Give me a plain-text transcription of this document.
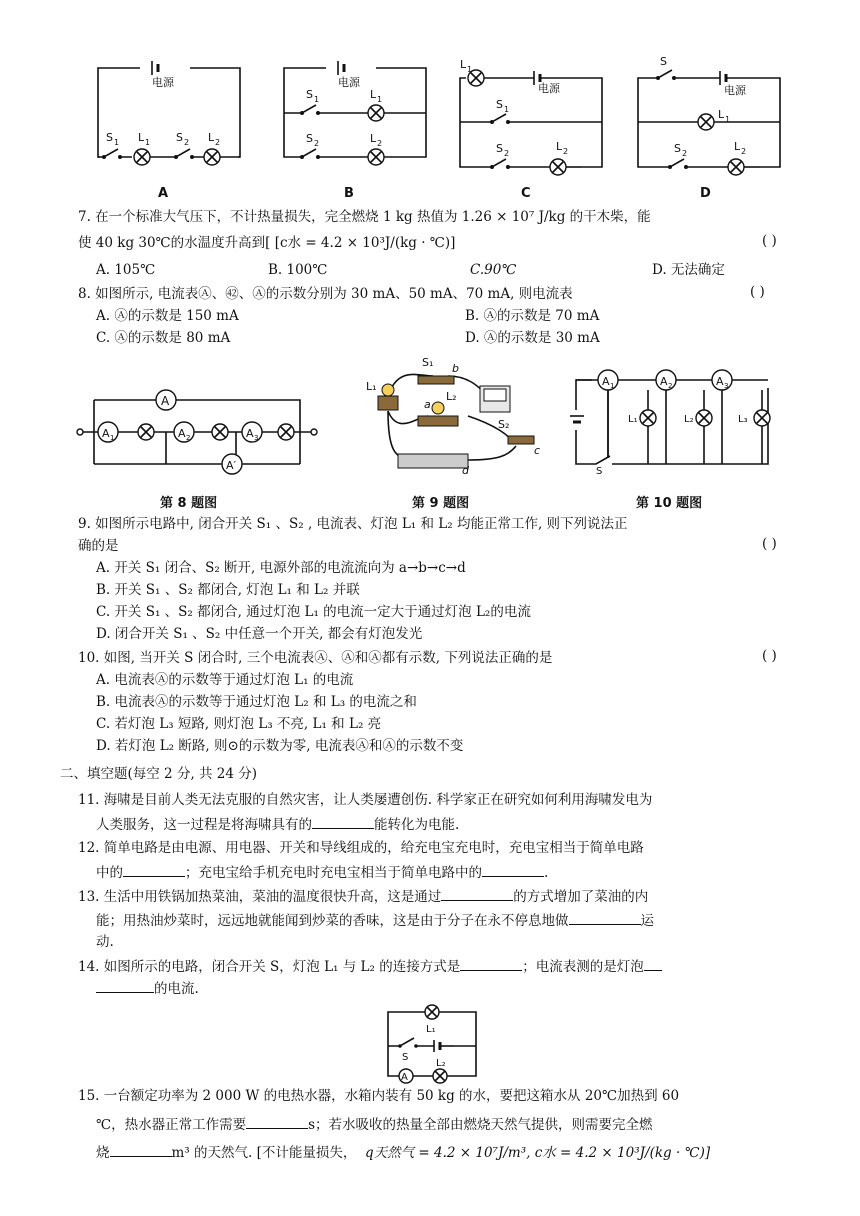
电源
S 1 L 1 S 2 L 2
A
电源
S 1	L 1
S 2	L 2
B
L 1
电源
S 1
S 2
L 2
C
S
电源
L 1
S 2
L 2
D
7. 在一个标准大气压下，不计热量损失，完全燃烧 1 kg 热值为 1.26 × 10⁷ J/kg 的干木柴，能
使 40 kg 30℃的水温度升高到[ [c水 = 4.2 × 10³J/(kg · ℃)]	( )
A. 105℃	B. 100℃	C.90℃	D. 无法确定
8. 如图所示, 电流表Ⓐ、㊷、Ⓐ的示数分别为 30 mA、50 mA、70 mA, 则电流表	( )
A. Ⓐ的示数是 150 mA	B. Ⓐ的示数是 70 mA
C. Ⓐ的示数是 80 mA	D. Ⓐ的示数是 30 mA
A
A 1	A 2	A 3
A′
S₁ b
L₁
a
L₂
S₂
c
d
A 1	A 2	A 3
L₁	L₂	L₃
S
第 8 题图	第 9 题图	第 10 题图
9. 如图所示电路中, 闭合开关 S₁ 、S₂ , 电流表、灯泡 L₁ 和 L₂ 均能正常工作, 则下列说法正
确的是	( )
A. 开关 S₁ 闭合、S₂ 断开, 电源外部的电流流向为 a→b→c→d
B. 开关 S₁ 、S₂ 都闭合, 灯泡 L₁ 和 L₂ 并联
C. 开关 S₁ 、S₂ 都闭合, 通过灯泡 L₁ 的电流一定大于通过灯泡 L₂的电流
D. 闭合开关 S₁ 、S₂ 中任意一个开关, 都会有灯泡发光
10. 如图, 当开关 S 闭合时, 三个电流表Ⓐ、Ⓐ和Ⓐ都有示数, 下列说法正确的是	( )
A. 电流表Ⓐ的示数等于通过灯泡 L₁ 的电流
B. 电流表Ⓐ的示数等于通过灯泡 L₂ 和 L₃ 的电流之和
C. 若灯泡 L₃ 短路, 则灯泡 L₃ 不亮, L₁ 和 L₂ 亮
D. 若灯泡 L₂ 断路, 则⊙的示数为零, 电流表Ⓐ和Ⓐ的示数不变
二、填空题(每空 2 分, 共 24 分)
11. 海啸是目前人类无法克服的自然灾害，让人类屡遭创伤. 科学家正在研究如何利用海啸发电为
人类服务，这一过程是将海啸具有的	能转化为电能.
12. 简单电路是由电源、用电器、开关和导线组成的，给充电宝充电时，充电宝相当于简单电路
中的	；充电宝给手机充电时充电宝相当于简单电路中的	.
13. 生活中用铁锅加热菜油，菜油的温度很快升高，这是通过	的方式增加了菜油的内
能；用热油炒菜时，远远地就能闻到炒菜的香味，这是由于分子在永不停息地做	运
动.
14. 如图所示的电路，闭合开关 S，灯泡 L₁ 与 L₂ 的连接方式是	；电流表测的是灯泡
的电流.
L₁
S
A
L₂
15. 一台额定功率为 2 000 W 的电热水器，水箱内装有 50 kg 的水，要把这箱水从 20℃加热到 60
℃，热水器正常工作需要	s；若水吸收的热量全部由燃烧天然气提供，则需要完全燃
烧	m³ 的天然气. [不计能量损失， q天然气 = 4.2 × 10⁷J/m³, c水 = 4.2 × 10³J/(kg · ℃)]
